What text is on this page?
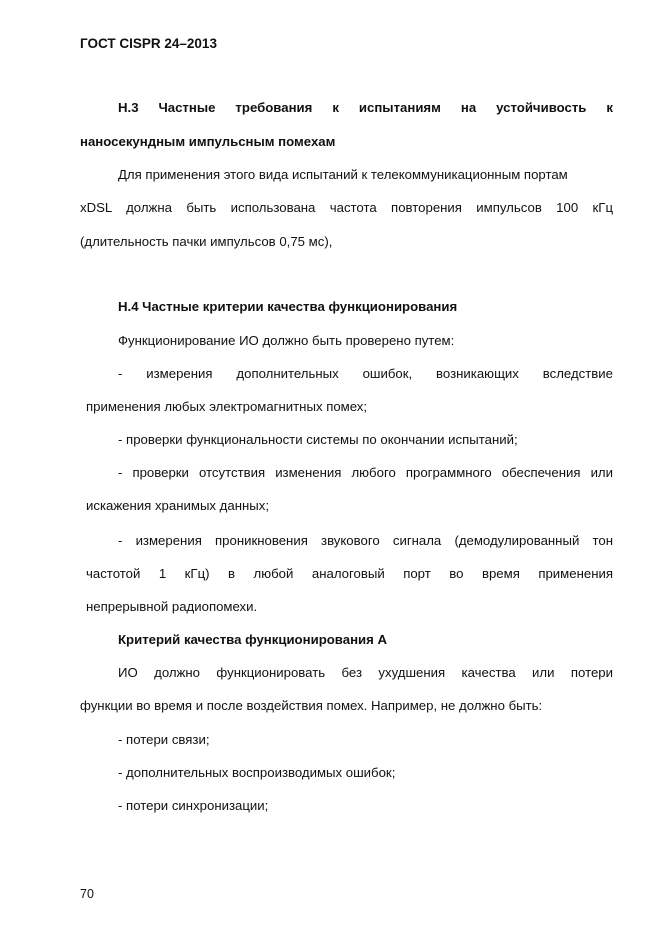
ГОСТ CISPR 24–2013
Н.3 Частные требования к испытаниям на устойчивость к
наносекундным импульсным помехам
Для применения этого вида испытаний к телекоммуникационным портам
xDSL должна быть использована частота повторения импульсов 100 кГц
(длительность пачки импульсов 0,75 мс),
Н.4 Частные критерии качества функционирования
Функционирование ИО должно быть проверено путем:
- измерения дополнительных ошибок, возникающих вследствие
применения любых электромагнитных помех;
- проверки функциональности системы по окончании испытаний;
- проверки отсутствия изменения любого программного обеспечения или
искажения хранимых данных;
- измерения проникновения звукового сигнала (демодулированный тон
частотой 1 кГц) в любой аналоговый порт во время применения
непрерывной радиопомехи.
Критерий качества функционирования А
ИО должно функционировать без ухудшения качества или потери
функции во время и после воздействия помех. Например, не должно быть:
- потери связи;
- дополнительных воспроизводимых ошибок;
- потери синхронизации;
70
